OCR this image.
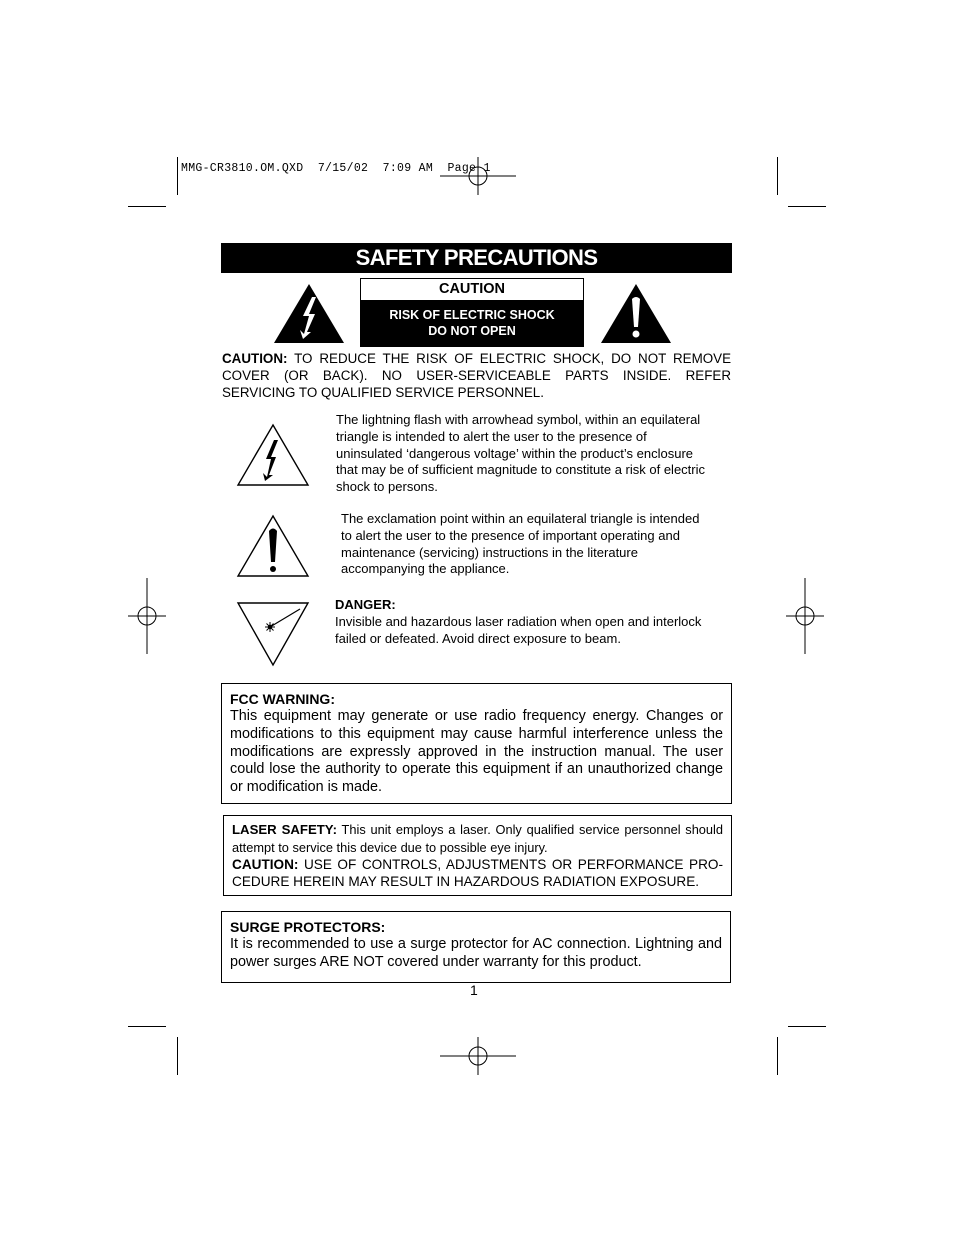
MMG-CR3810.OM.QXD  7/15/02  7:09 AM  Page 1
SAFETY PRECAUTIONS
CAUTION
RISK OF ELECTRIC SHOCK
DO NOT OPEN
CAUTION: TO REDUCE THE RISK OF ELECTRIC SHOCK, DO NOT REMOVE COVER (OR BACK). NO USER-SERVICEABLE PARTS INSIDE. REFER SERVICING TO QUALIFIED SERVICE PERSONNEL.
The lightning flash with arrowhead symbol, within an equilateral triangle is intended to alert the user to the presence of uninsulated ‘dangerous voltage’ within the product’s enclosure that may be of sufficient magnitude to constitute a risk of electric shock to persons.
The exclamation point within an equilateral triangle is intended to alert the user to the presence of important operating and maintenance (servicing) instructions in the literature accompanying the appliance.
DANGER:
Invisible and hazardous laser radiation when open and interlock failed or defeated. Avoid direct exposure to beam.
FCC WARNING:
This equipment may generate or use radio frequency energy. Changes or modifications to this equipment may cause harmful interference unless the modifications are expressly approved in the instruction manual. The user could lose the authority to operate this equipment if an unauthorized change or modification is made.
LASER SAFETY: This unit employs a laser. Only qualified service personnel should attempt to service this device due to possible eye injury.
CAUTION: USE OF CONTROLS, ADJUSTMENTS OR PERFORMANCE PRO-CEDURE HEREIN MAY RESULT IN HAZARDOUS RADIATION EXPOSURE.
SURGE PROTECTORS:
It is recommended to use a surge protector for AC connection. Lightning and power surges ARE NOT covered under warranty for this product.
1
